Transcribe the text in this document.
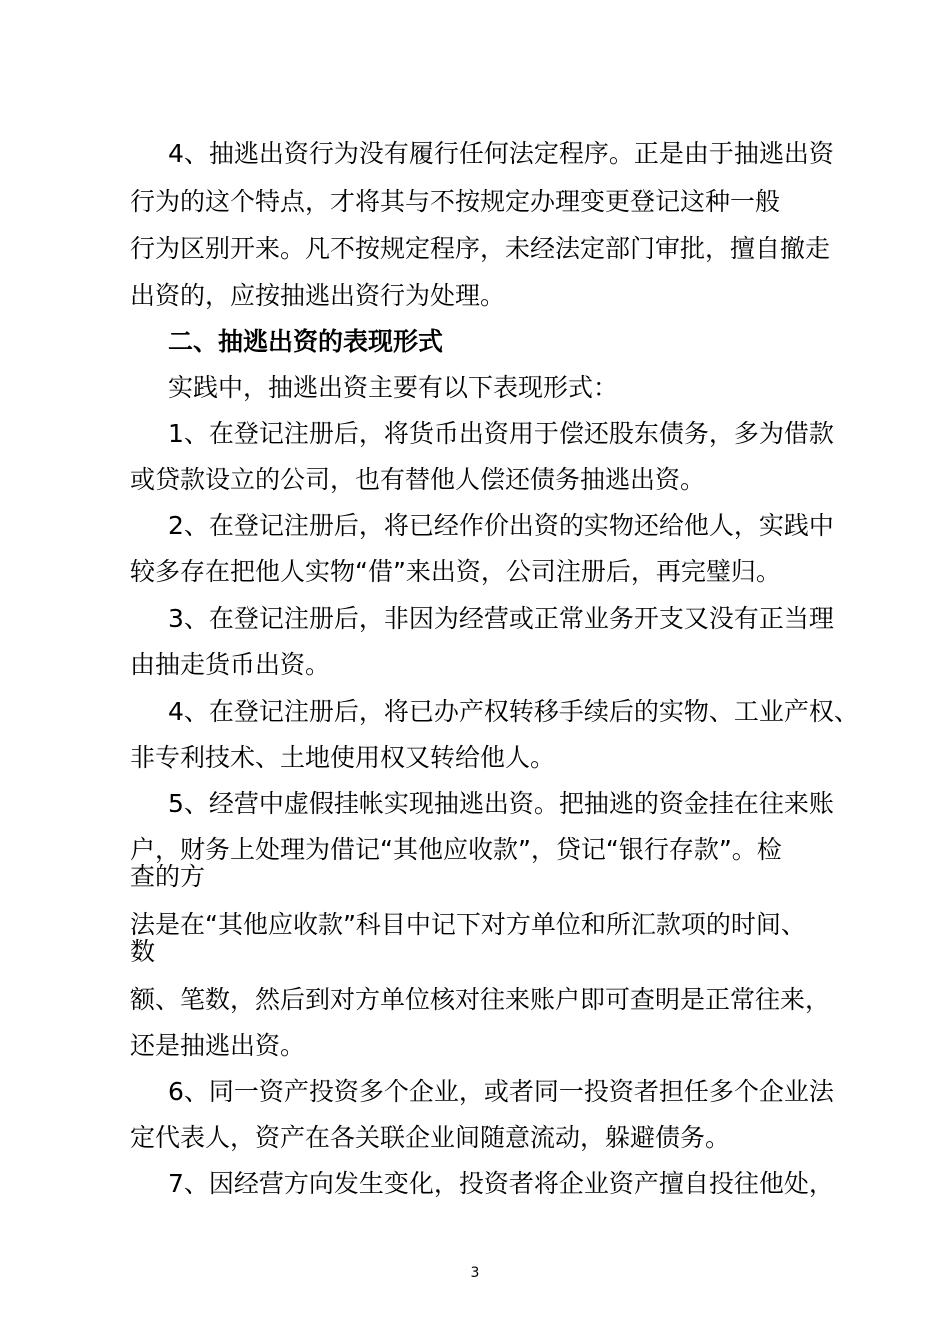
4、抽逃出资行为没有履行任何法定程序。正是由于抽逃出资

行为的这个特点，才将其与不按规定办理变更登记这种一般

行为区别开来。凡不按规定程序，未经法定部门审批，擅自撤走

出资的，应按抽逃出资行为处理。

二、抽逃出资的表现形式

实践中，抽逃出资主要有以下表现形式：

1、在登记注册后，将货币出资用于偿还股东债务，多为借款

或贷款设立的公司，也有替他人偿还债务抽逃出资。

2、在登记注册后，将已经作价出资的实物还给他人，实践中

较多存在把他人实物“借”来出资，公司注册后，再完璧归。

3、在登记注册后，非因为经营或正常业务开支又没有正当理

由抽走货币出资。

4、在登记注册后，将已办产权转移手续后的实物、工业产权、

非专利技术、土地使用权又转给他人。

5、经营中虚假挂帐实现抽逃出资。把抽逃的资金挂在往来账

户，财务上处理为借记“其他应收款”，贷记“银行存款”。检

查的方

法是在“其他应收款”科目中记下对方单位和所汇款项的时间、

数

额、笔数，然后到对方单位核对往来账户即可查明是正常往来，

还是抽逃出资。

6、同一资产投资多个企业，或者同一投资者担任多个企业法

定代表人，资产在各关联企业间随意流动，躲避债务。

7、因经营方向发生变化，投资者将企业资产擅自投往他处，

3
